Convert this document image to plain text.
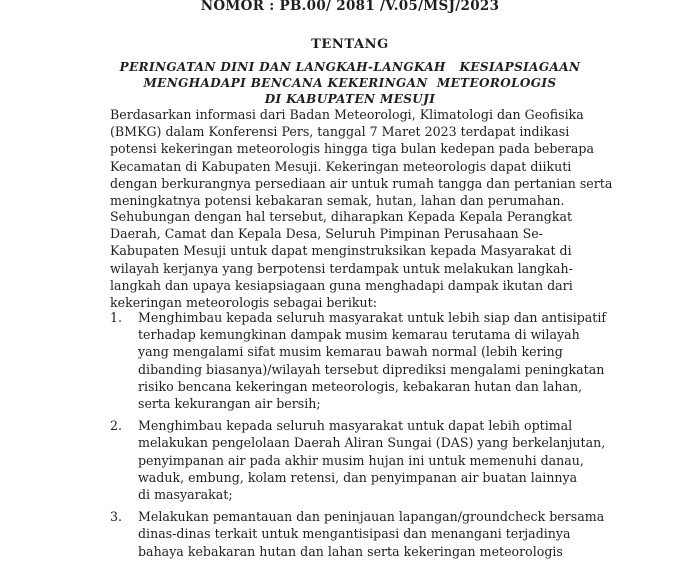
NOMOR : PB.00/ 2081 /V.05/MSJ/2023
TENTANG
PERINGATAN DINI DAN LANGKAH-LANGKAH   KESIAPSIAGAAN
MENGHADAPI BENCANA KEKERINGAN  METEOROLOGIS
DI KABUPATEN MESUJI
Berdasarkan informasi dari Badan Meteorologi, Klimatologi dan Geofisika
(BMKG) dalam Konferensi Pers, tanggal 7 Maret 2023 terdapat indikasi
potensi kekeringan meteorologis hingga tiga bulan kedepan pada beberapa
Kecamatan di Kabupaten Mesuji. Kekeringan meteorologis dapat diikuti
dengan berkurangnya persediaan air untuk rumah tangga dan pertanian serta
meningkatnya potensi kebakaran semak, hutan, lahan dan perumahan.
Sehubungan dengan hal tersebut, diharapkan Kepada Kepala Perangkat
Daerah, Camat dan Kepala Desa, Seluruh Pimpinan Perusahaan Se-
Kabupaten Mesuji untuk dapat menginstruksikan kepada Masyarakat di
wilayah kerjanya yang berpotensi terdampak untuk melakukan langkah-
langkah dan upaya kesiapsiagaan guna menghadapi dampak ikutan dari
kekeringan meteorologis sebagai berikut:
1. Menghimbau kepada seluruh masyarakat untuk lebih siap dan antisipatif
terhadap kemungkinan dampak musim kemarau terutama di wilayah
yang mengalami sifat musim kemarau bawah normal (lebih kering
dibanding biasanya)/wilayah tersebut diprediksi mengalami peningkatan
risiko bencana kekeringan meteorologis, kebakaran hutan dan lahan,
serta kekurangan air bersih;
2. Menghimbau kepada seluruh masyarakat untuk dapat lebih optimal
melakukan pengelolaan Daerah Aliran Sungai (DAS) yang berkelanjutan,
penyimpanan air pada akhir musim hujan ini untuk memenuhi danau,
waduk, embung, kolam retensi, dan penyimpanan air buatan lainnya
di masyarakat;
3. Melakukan pemantauan dan peninjauan lapangan/groundcheck bersama
dinas-dinas terkait untuk mengantisipasi dan menangani terjadinya
bahaya kebakaran hutan dan lahan serta kekeringan meteorologis
